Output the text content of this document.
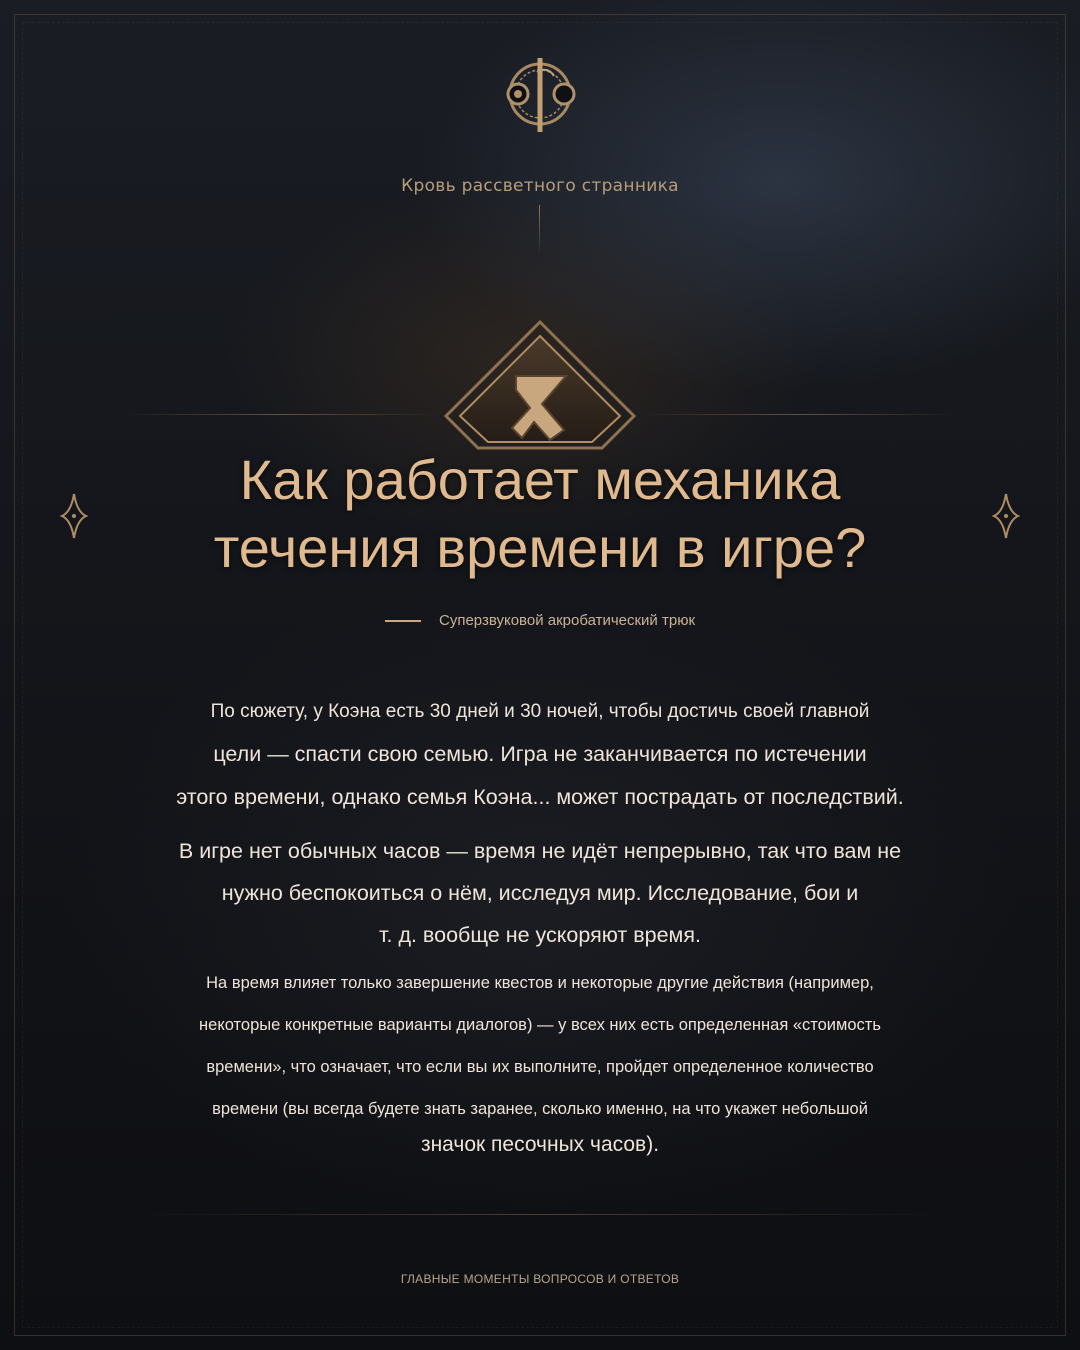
Кровь рассветного странника
Как работает механика
течения времени в игре?
Суперзвуковой акробатический трюк
По сюжету, у Коэна есть 30 дней и 30 ночей, чтобы достичь своей главной
цели — спасти свою семью. Игра не заканчивается по истечении
этого времени, однако семья Коэна... может пострадать от последствий.
В игре нет обычных часов — время не идёт непрерывно, так что вам не
нужно беспокоиться о нём, исследуя мир. Исследование, бои и
т. д. вообще не ускоряют время.
На время влияет только завершение квестов и некоторые другие действия (например,
некоторые конкретные варианты диалогов) — у всех них есть определенная «стоимость
времени», что означает, что если вы их выполните, пройдет определенное количество
времени (вы всегда будете знать заранее, сколько именно, на что укажет небольшой
значок песочных часов).
ГЛАВНЫЕ МОМЕНТЫ ВОПРОСОВ И ОТВЕТОВ
